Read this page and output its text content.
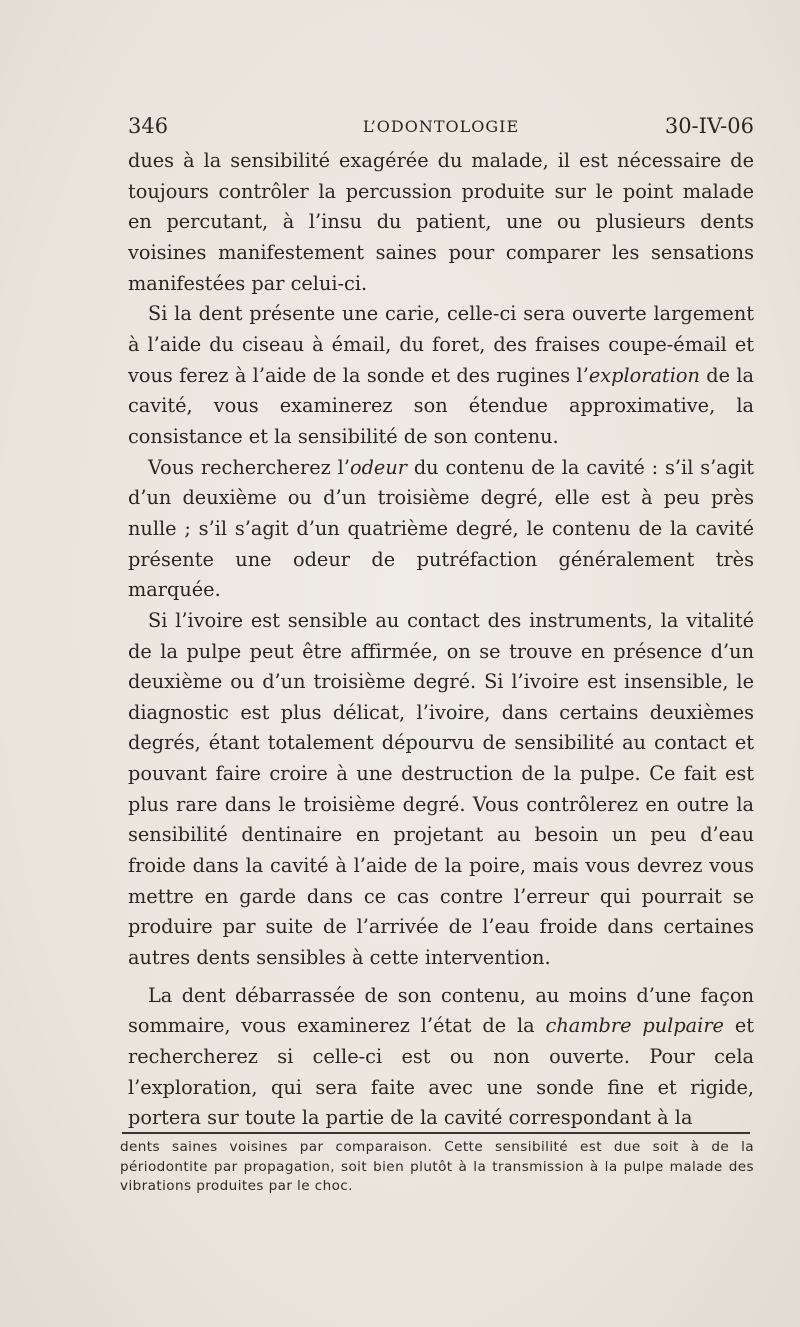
346	L’ODONTOLOGIE	30-IV-06

dues à la sensibilité exagérée du malade, il est nécessaire de toujours contrôler la percussion produite sur le point malade en percutant, à l’insu du patient, une ou plusieurs dents voisines manifestement saines pour comparer les sensations manifestées par celui-ci.

Si la dent présente une carie, celle-ci sera ouverte largement à l’aide du ciseau à émail, du foret, des fraises coupe-émail et vous ferez à l’aide de la sonde et des rugines l’exploration de la cavité, vous examinerez son étendue approximative, la consistance et la sensibilité de son contenu.

Vous rechercherez l’odeur du contenu de la cavité : s’il s’agit d’un deuxième ou d’un troisième degré, elle est à peu près nulle ; s’il s’agit d’un quatrième degré, le contenu de la cavité présente une odeur de putréfaction généralement très marquée.

Si l’ivoire est sensible au contact des instruments, la vitalité de la pulpe peut être affirmée, on se trouve en présence d’un deuxième ou d’un troisième degré. Si l’ivoire est insensible, le diagnostic est plus délicat, l’ivoire, dans certains deuxièmes degrés, étant totalement dépourvu de sensibilité au contact et pouvant faire croire à une destruction de la pulpe. Ce fait est plus rare dans le troisième degré. Vous contrôlerez en outre la sensibilité dentinaire en projetant au besoin un peu d’eau froide dans la cavité à l’aide de la poire, mais vous devrez vous mettre en garde dans ce cas contre l’erreur qui pourrait se produire par suite de l’arrivée de l’eau froide dans certaines autres dents sensibles à cette intervention.

La dent débarrassée de son contenu, au moins d’une façon sommaire, vous examinerez l’état de la chambre pulpaire et rechercherez si celle-ci est ou non ouverte. Pour cela l’exploration, qui sera faite avec une sonde fine et rigide, portera sur toute la partie de la cavité correspondant à la

dents saines voisines par comparaison. Cette sensibilité est due soit à de la périodontite par propagation, soit bien plutôt à la transmission à la pulpe malade des vibrations produites par le choc.
